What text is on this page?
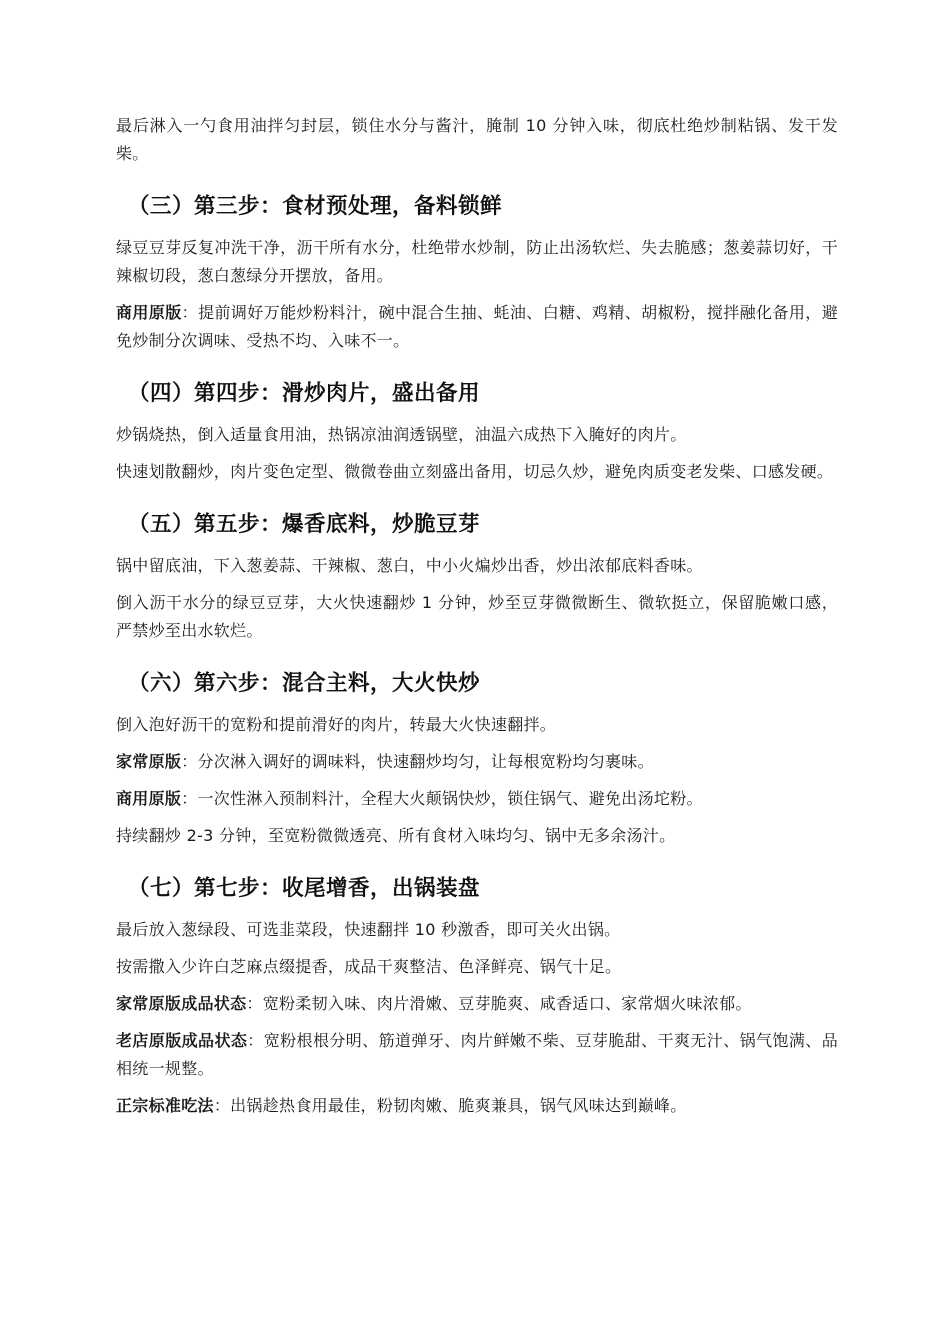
最后淋入一勺食用油拌匀封层，锁住水分与酱汁，腌制 10 分钟入味，彻底杜绝炒制粘锅、发干发柴。

（三）第三步：食材预处理，备料锁鲜

绿豆豆芽反复冲洗干净，沥干所有水分，杜绝带水炒制，防止出汤软烂、失去脆感；葱姜蒜切好，干辣椒切段，葱白葱绿分开摆放，备用。

商用原版：提前调好万能炒粉料汁，碗中混合生抽、蚝油、白糖、鸡精、胡椒粉，搅拌融化备用，避免炒制分次调味、受热不均、入味不一。

（四）第四步：滑炒肉片，盛出备用

炒锅烧热，倒入适量食用油，热锅凉油润透锅壁，油温六成热下入腌好的肉片。

快速划散翻炒，肉片变色定型、微微卷曲立刻盛出备用，切忌久炒，避免肉质变老发柴、口感发硬。

（五）第五步：爆香底料，炒脆豆芽

锅中留底油，下入葱姜蒜、干辣椒、葱白，中小火煸炒出香，炒出浓郁底料香味。

倒入沥干水分的绿豆豆芽，大火快速翻炒 1 分钟，炒至豆芽微微断生、微软挺立，保留脆嫩口感，严禁炒至出水软烂。

（六）第六步：混合主料，大火快炒

倒入泡好沥干的宽粉和提前滑好的肉片，转最大火快速翻拌。

家常原版：分次淋入调好的调味料，快速翻炒均匀，让每根宽粉均匀裹味。

商用原版：一次性淋入预制料汁，全程大火颠锅快炒，锁住锅气、避免出汤坨粉。

持续翻炒 2-3 分钟，至宽粉微微透亮、所有食材入味均匀、锅中无多余汤汁。

（七）第七步：收尾增香，出锅装盘

最后放入葱绿段、可选韭菜段，快速翻拌 10 秒激香，即可关火出锅。

按需撒入少许白芝麻点缀提香，成品干爽整洁、色泽鲜亮、锅气十足。

家常原版成品状态：宽粉柔韧入味、肉片滑嫩、豆芽脆爽、咸香适口、家常烟火味浓郁。

老店原版成品状态：宽粉根根分明、筋道弹牙、肉片鲜嫩不柴、豆芽脆甜、干爽无汁、锅气饱满、品相统一规整。

正宗标准吃法：出锅趁热食用最佳，粉韧肉嫩、脆爽兼具，锅气风味达到巅峰。
